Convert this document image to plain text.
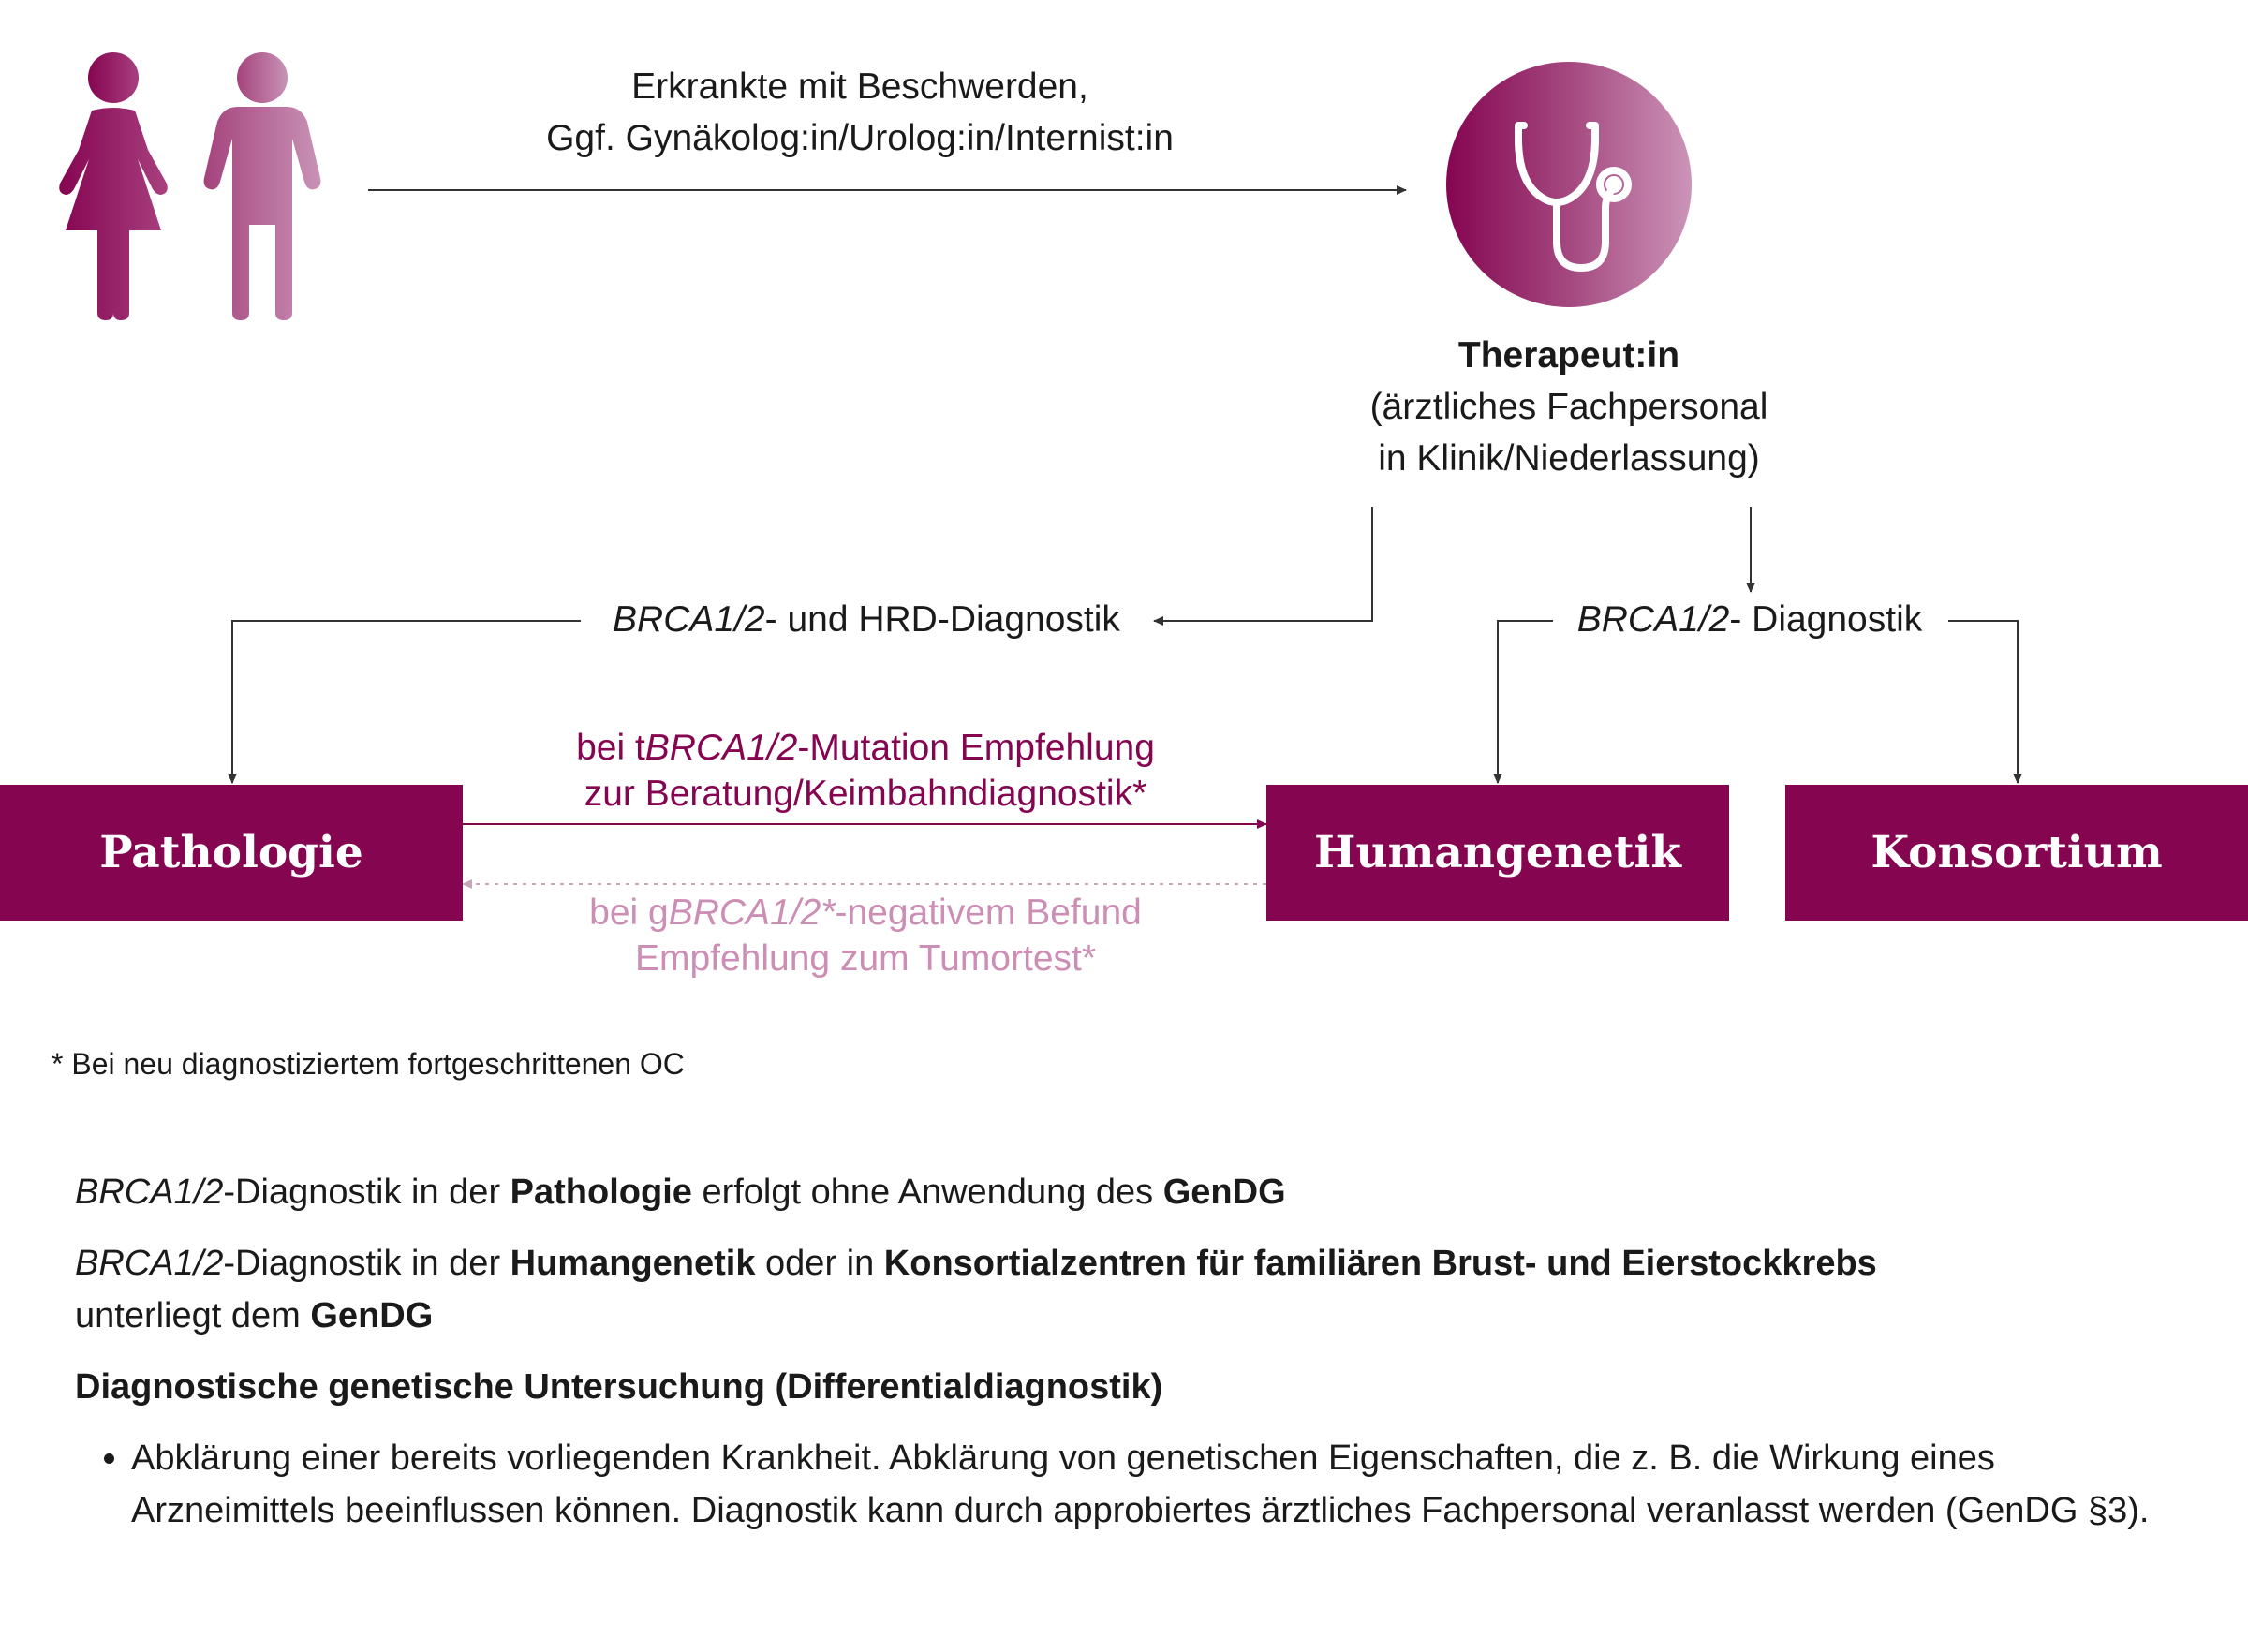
Erkrankte mit Beschwerden,
Ggf. Gynäkolog:in/Urolog:in/Internist:in
Therapeut:in
(ärztliches Fachpersonal
in Klinik/Niederlassung)
BRCA1/2- und HRD-Diagnostik	BRCA1/2- Diagnostik
Pathologie	Humangenetik	Konsortium
bei tBRCA1/2-Mutation Empfehlung
zur Beratung/Keimbahndiagnostik*
bei gBRCA1/2*-negativem Befund
Empfehlung zum Tumortest*
* Bei neu diagnostiziertem fortgeschrittenen OC
BRCA1/2-Diagnostik in der Pathologie erfolgt ohne Anwendung des GenDG
BRCA1/2-Diagnostik in der Humangenetik oder in Konsortialzentren für familiären Brust- und Eierstockkrebs
unterliegt dem GenDG
Diagnostische genetische Untersuchung (Differentialdiagnostik)
• Abklärung einer bereits vorliegenden Krankheit. Abklärung von genetischen Eigenschaften, die z. B. die Wirkung eines Arzneimittels beeinflussen können. Diagnostik kann durch approbiertes ärztliches Fachpersonal veranlasst werden (GenDG §3).
